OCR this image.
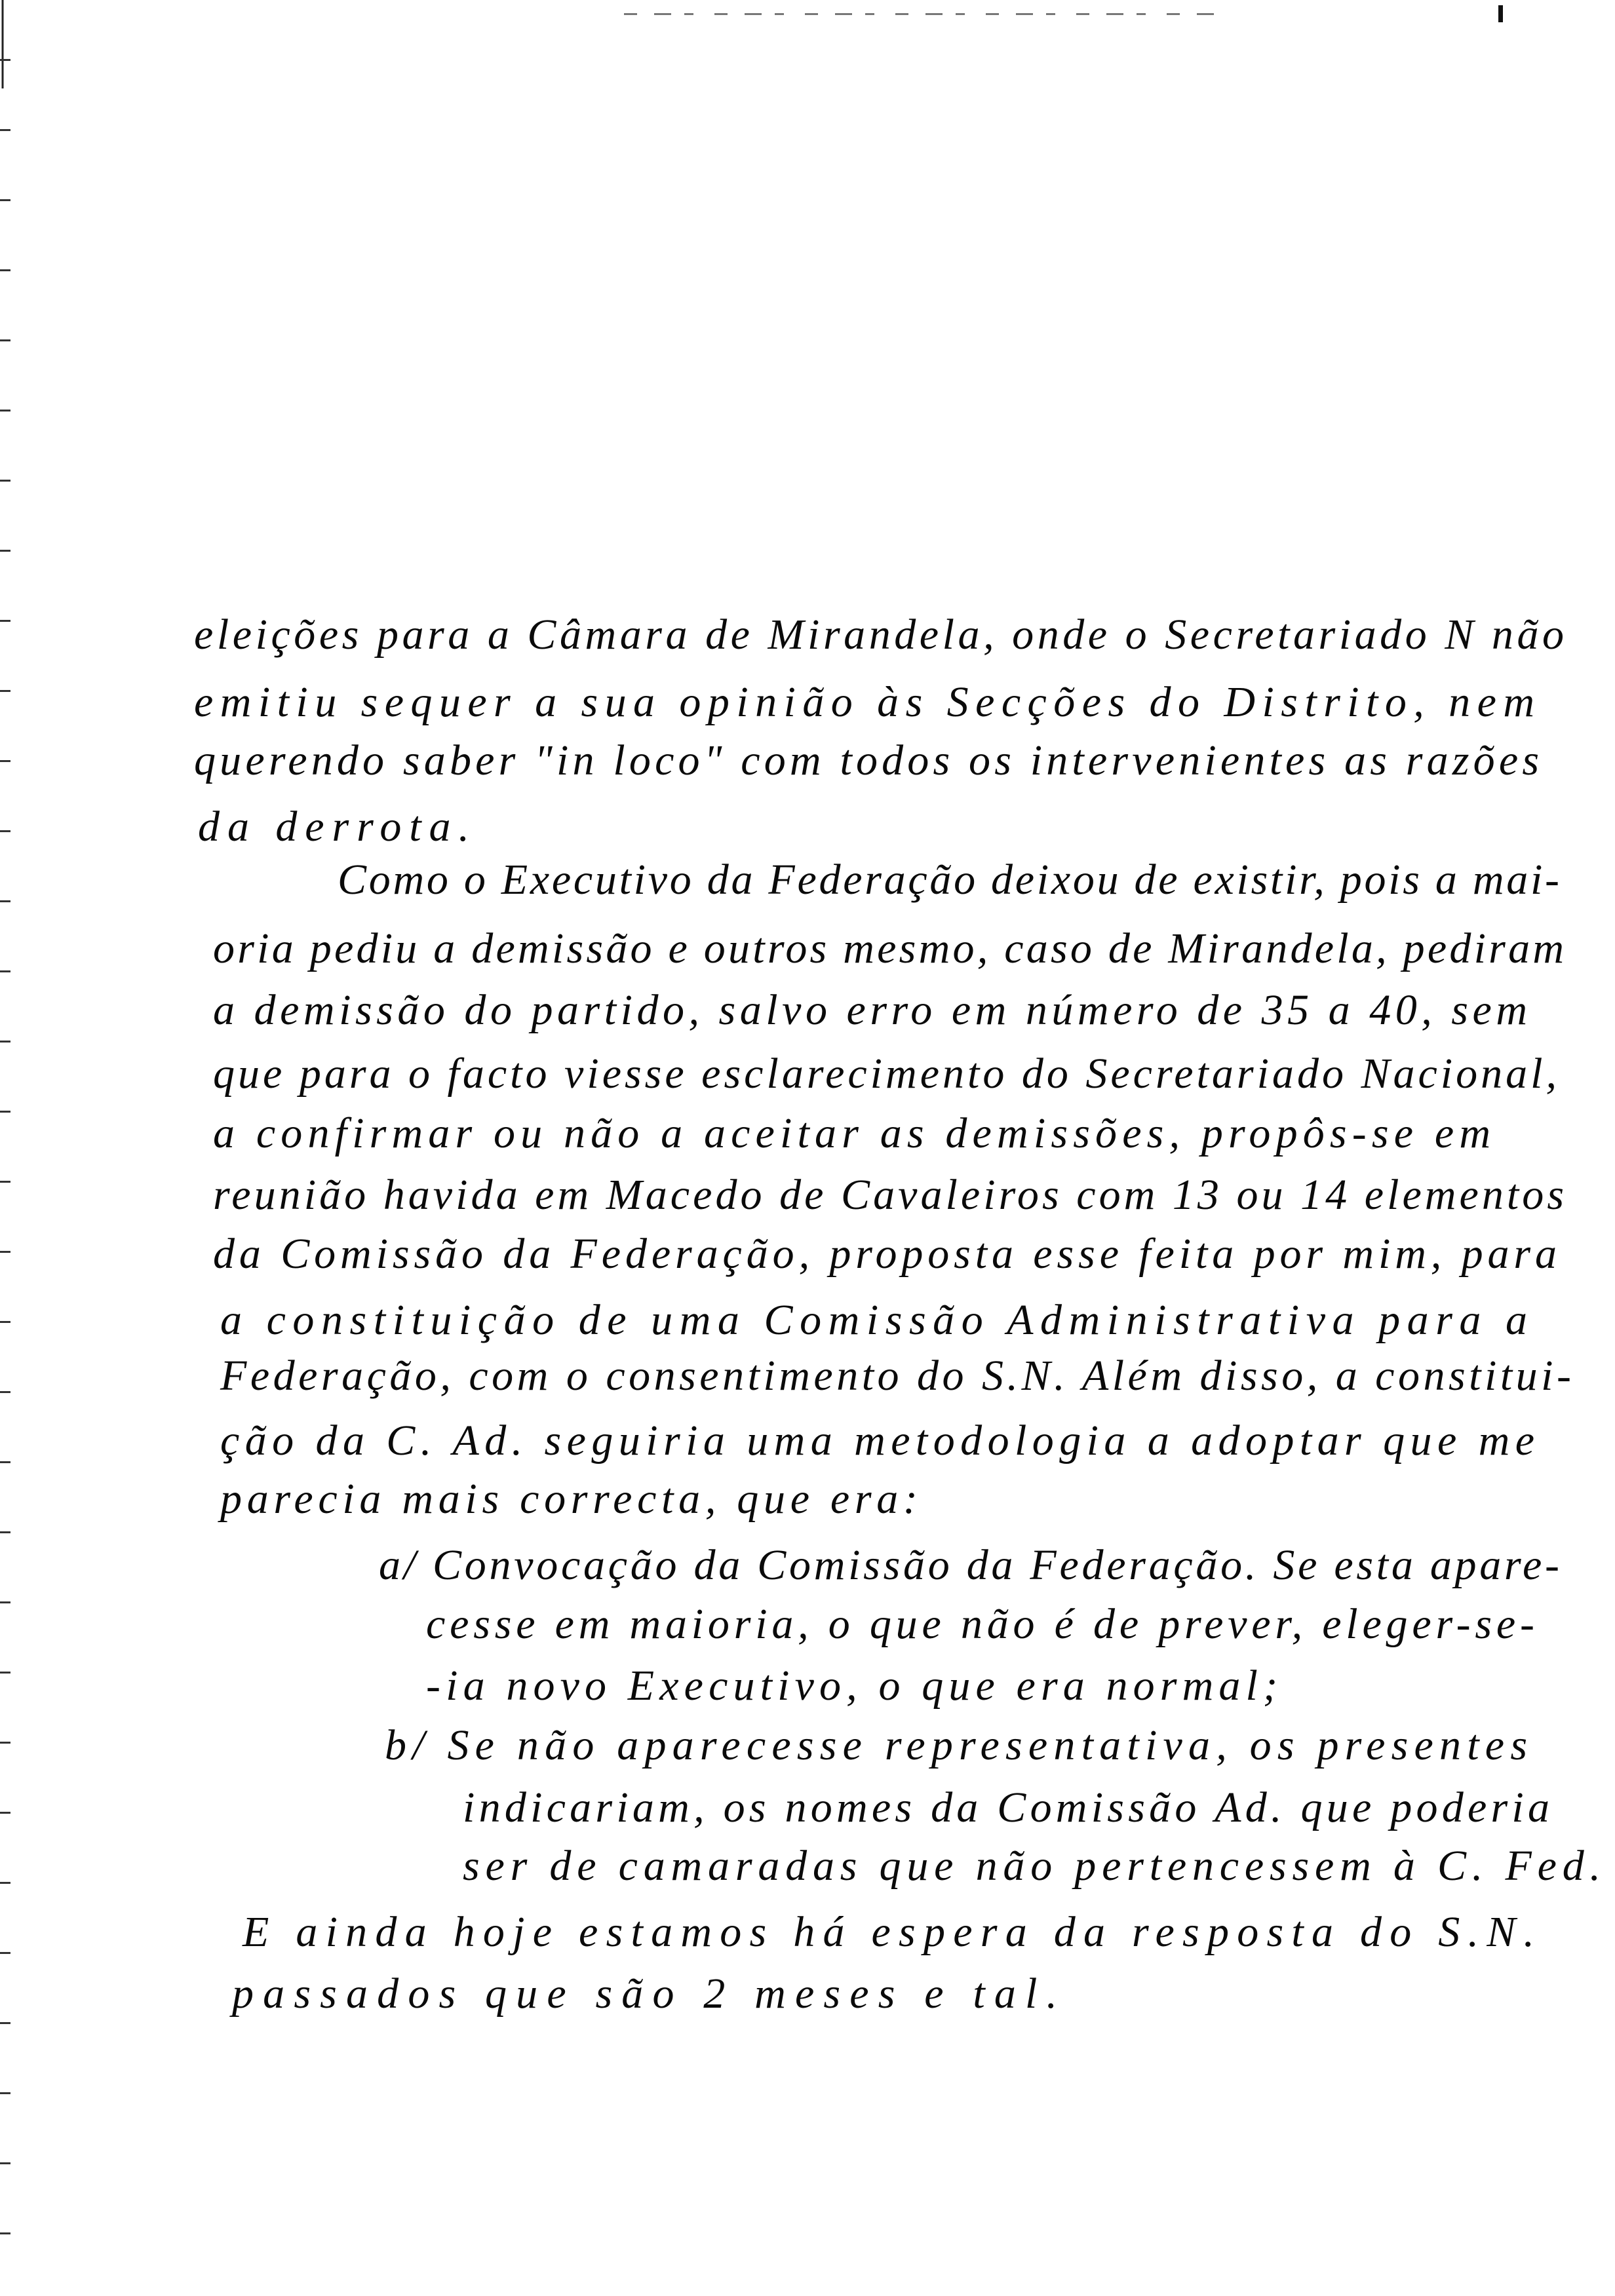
eleições para a Câmara de Mirandela, onde o Secretariado N não
emitiu sequer a sua opinião às Secções do Distrito, nem
querendo saber "in loco" com todos os intervenientes as razões
da derrota.
Como o Executivo da Federação deixou de existir, pois a mai-
oria pediu a demissão e outros mesmo, caso de Mirandela, pediram
a demissão do partido, salvo erro em número de 35 a 40, sem
que para o facto viesse esclarecimento do Secretariado Nacional,
a confirmar ou não a aceitar as demissões, propôs-se em
reunião havida em Macedo de Cavaleiros com 13 ou 14 elementos
da Comissão da Federação, proposta esse feita por mim, para
a constituição de uma Comissão Administrativa para a
Federação, com o consentimento do S.N. Além disso, a constitui-
ção da C. Ad. seguiria uma metodologia a adoptar que me
parecia mais correcta, que era:
a/ Convocação da Comissão da Federação. Se esta apare-
cesse em maioria, o que não é de prever, eleger-se-
-ia novo Executivo, o que era normal;
b/ Se não aparecesse representativa, os presentes
indicariam, os nomes da Comissão Ad. que poderia
ser de camaradas que não pertencessem à C. Fed.
E ainda hoje estamos há espera da resposta do S.N.
passados que são 2 meses e tal.
